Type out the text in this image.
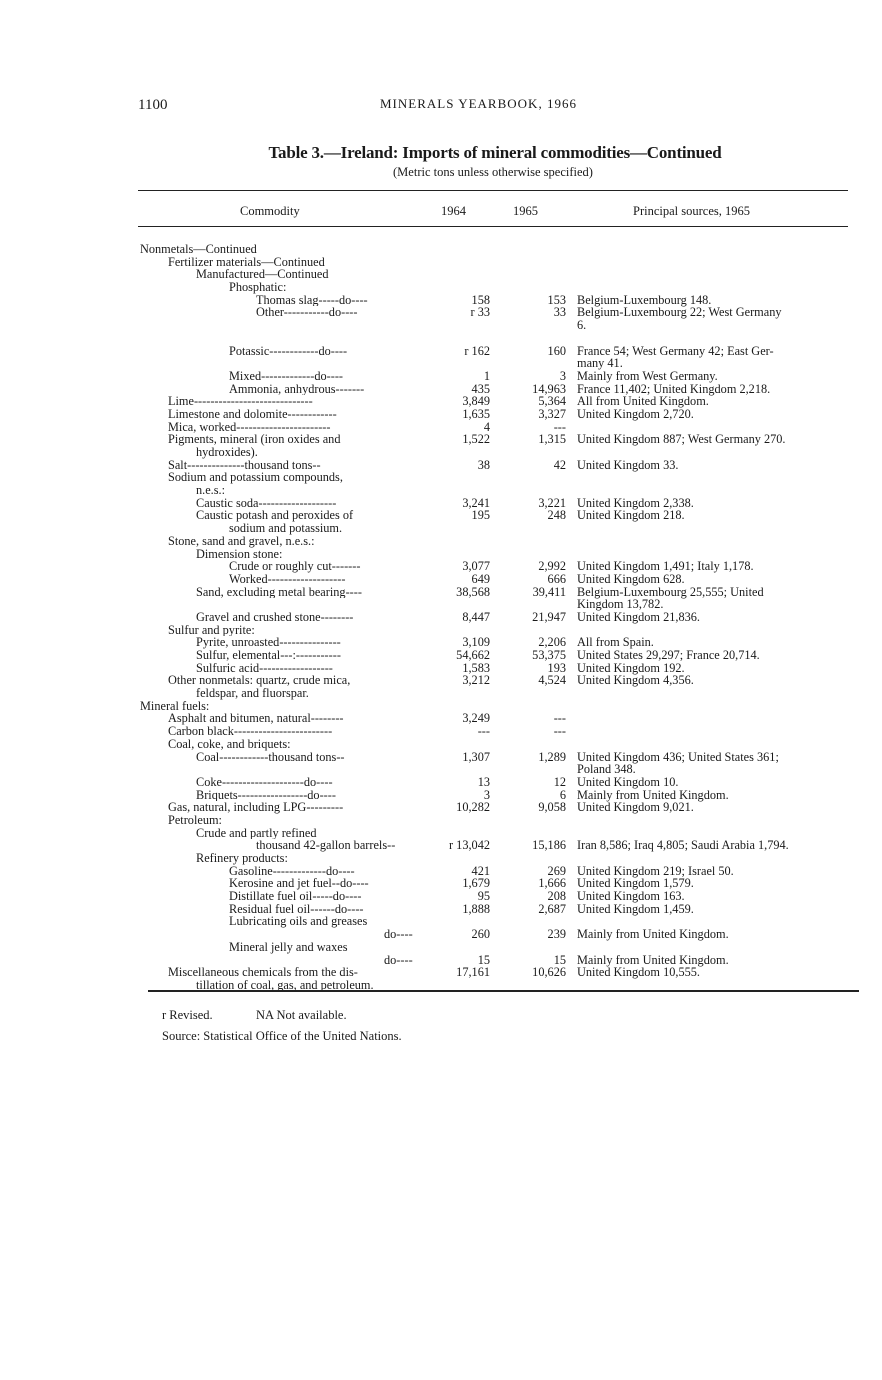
1100	MINERALS YEARBOOK, 1966
Table 3.—Ireland: Imports of mineral commodities—Continued
(Metric tons unless otherwise specified)
Commodity	1964	1965	Principal sources, 1965
Nonmetals—Continued
Fertilizer materials—Continued
Manufactured—Continued
Phosphatic:
Thomas slag-----do----	158	153 Belgium-Luxembourg 148.
Other-----------do----	r 33	33 Belgium-Luxembourg 22; West Germany
6.
Potassic------------do----	r 162	160 France 54; West Germany 42; East Ger-
many 41.
Mixed-------------do----	1	3 Mainly from West Germany.
Ammonia, anhydrous-------	435	14,963 France 11,402; United Kingdom 2,218.
Lime-----------------------------	3,849	5,364 All from United Kingdom.
Limestone and dolomite------------	1,635	3,327 United Kingdom 2,720.
Mica, worked-----------------------	4	---
Pigments, mineral (iron oxides and	1,522	1,315 United Kingdom 887; West Germany 270.
hydroxides).
Salt--------------thousand tons--	38	42 United Kingdom 33.
Sodium and potassium compounds,
n.e.s.:
Caustic soda-------------------	3,241	3,221 United Kingdom 2,338.
Caustic potash and peroxides of	195	248 United Kingdom 218.
sodium and potassium.
Stone, sand and gravel, n.e.s.:
Dimension stone:
Crude or roughly cut-------	3,077	2,992 United Kingdom 1,491; Italy 1,178.
Worked-------------------	649	666 United Kingdom 628.
Sand, excluding metal bearing----	38,568	39,411 Belgium-Luxembourg 25,555; United
Kingdom 13,782.
Gravel and crushed stone--------	8,447	21,947 United Kingdom 21,836.
Sulfur and pyrite:
Pyrite, unroasted---------------	3,109	2,206 All from Spain.
Sulfur, elemental---:-----------	54,662	53,375 United States 29,297; France 20,714.
Sulfuric acid------------------	1,583	193 United Kingdom 192.
Other nonmetals: quartz, crude mica,	3,212	4,524 United Kingdom 4,356.
feldspar, and fluorspar.
Mineral fuels:
Asphalt and bitumen, natural--------	3,249	---
Carbon black------------------------	---	---
Coal, coke, and briquets:
Coal------------thousand tons--	1,307	1,289 United Kingdom 436; United States 361;
Poland 348.
Coke--------------------do----	13	12 United Kingdom 10.
Briquets-----------------do----	3	6 Mainly from United Kingdom.
Gas, natural, including LPG---------	10,282	9,058 United Kingdom 9,021.
Petroleum:
Crude and partly refined
thousand 42-gallon barrels--	r 13,042	15,186 Iran 8,586; Iraq 4,805; Saudi Arabia 1,794.
Refinery products:
Gasoline-------------do----	421	269 United Kingdom 219; Israel 50.
Kerosine and jet fuel--do----	1,679	1,666 United Kingdom 1,579.
Distillate fuel oil-----do----	95	208 United Kingdom 163.
Residual fuel oil------do----	1,888	2,687 United Kingdom 1,459.
Lubricating oils and greases
do----	260	239 Mainly from United Kingdom.
Mineral jelly and waxes
do----	15	15 Mainly from United Kingdom.
Miscellaneous chemicals from the dis-	17,161	10,626 United Kingdom 10,555.
tillation of coal, gas, and petroleum.
r Revised.	NA Not available.
Source: Statistical Office of the United Nations.
